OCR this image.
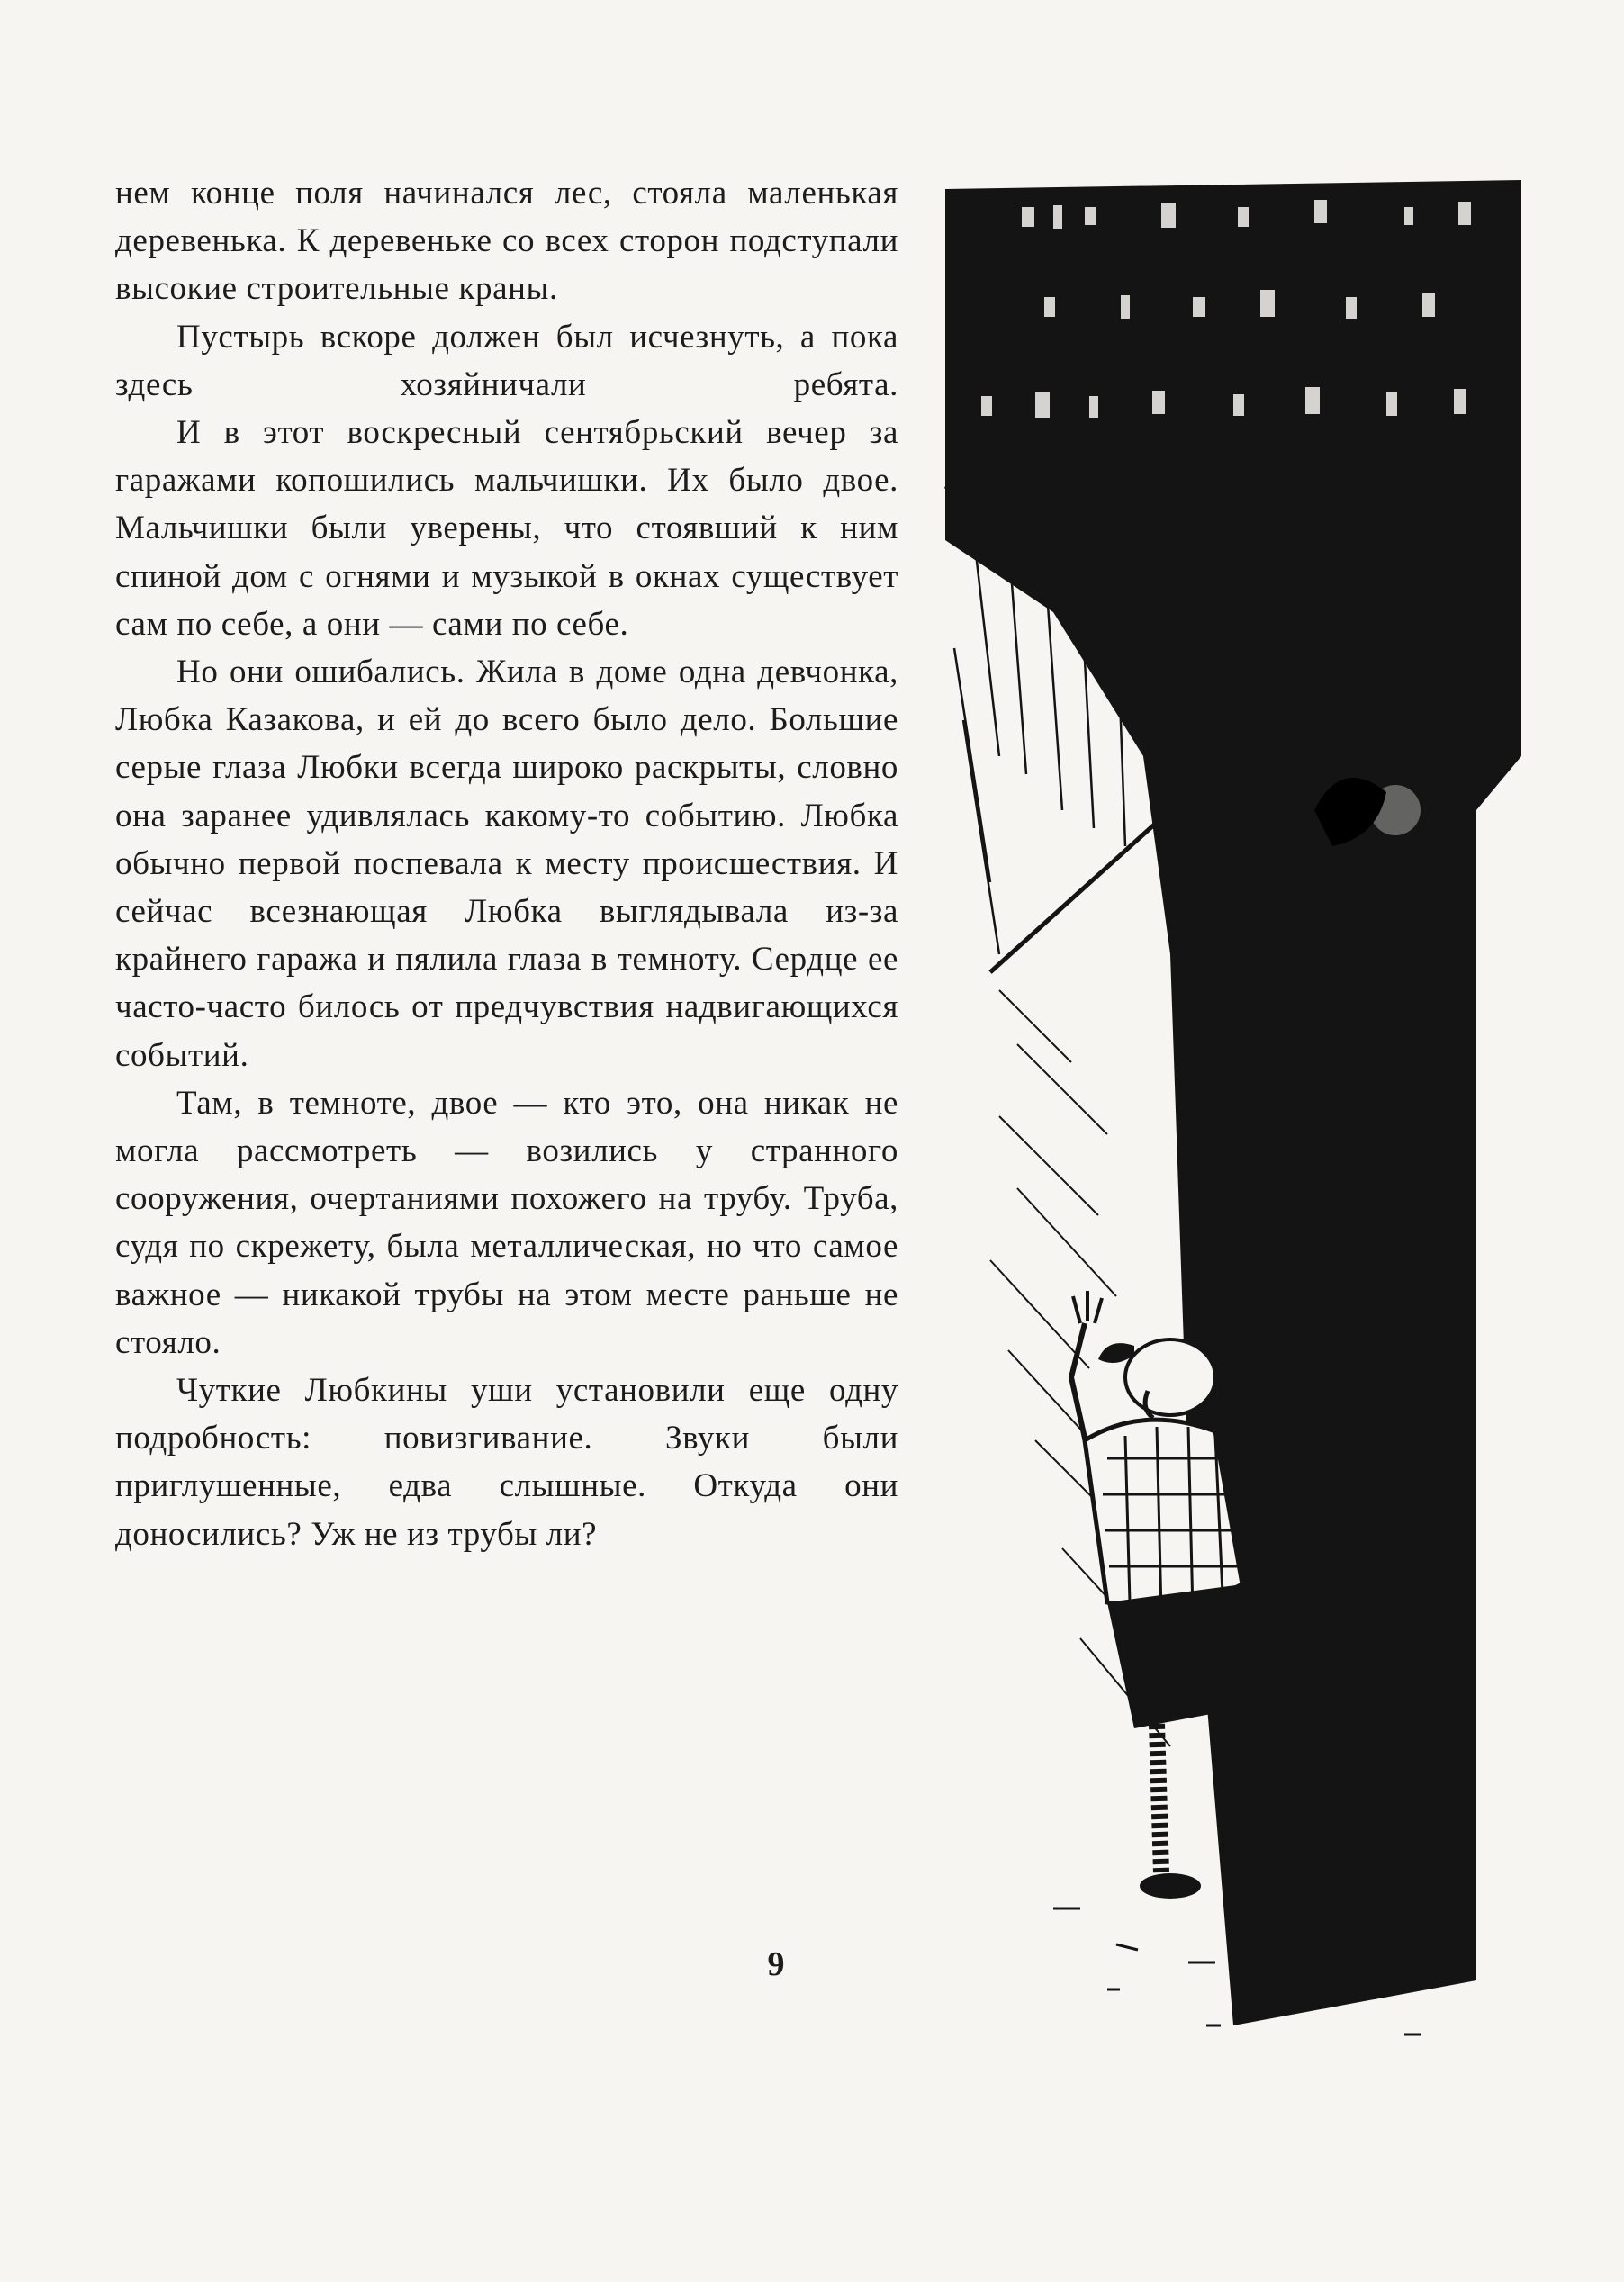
нем конце поля начинался лес, стояла маленькая деревенька. К деревеньке со всех сторон подступали высокие строительные краны.

Пустырь вскоре должен был исчезнуть, а пока здесь хозяйничали ребята.

И в этот воскресный сентябрьский вечер за гаражами копошились мальчишки. Их было двое. Мальчишки были уверены, что стоявший к ним спиной дом с огнями и музыкой в окнах существует сам по себе, а они — сами по себе.

Но они ошибались. Жила в доме одна девчонка, Любка Казакова, и ей до всего было дело. Большие серые глаза Любки всегда широко раскрыты, словно она заранее удивлялась какому-то событию. Любка обычно первой поспевала к месту происшествия. И сейчас всезнающая Любка выглядывала из-за крайнего гаража и пялила глаза в темноту. Сердце ее часто-часто билось от предчувствия надвигающихся событий.

Там, в темноте, двое — кто это, она никак не могла рассмотреть — возились у странного сооружения, очертаниями похожего на трубу. Труба, судя по скрежету, была металлическая, но что самое важное — никакой трубы на этом месте раньше не стояло.

Чуткие Любкины уши установили еще одну подробность: повизгивание. Звуки были приглушенные, едва слышные. Откуда они доносились? Уж не из трубы ли?

9
